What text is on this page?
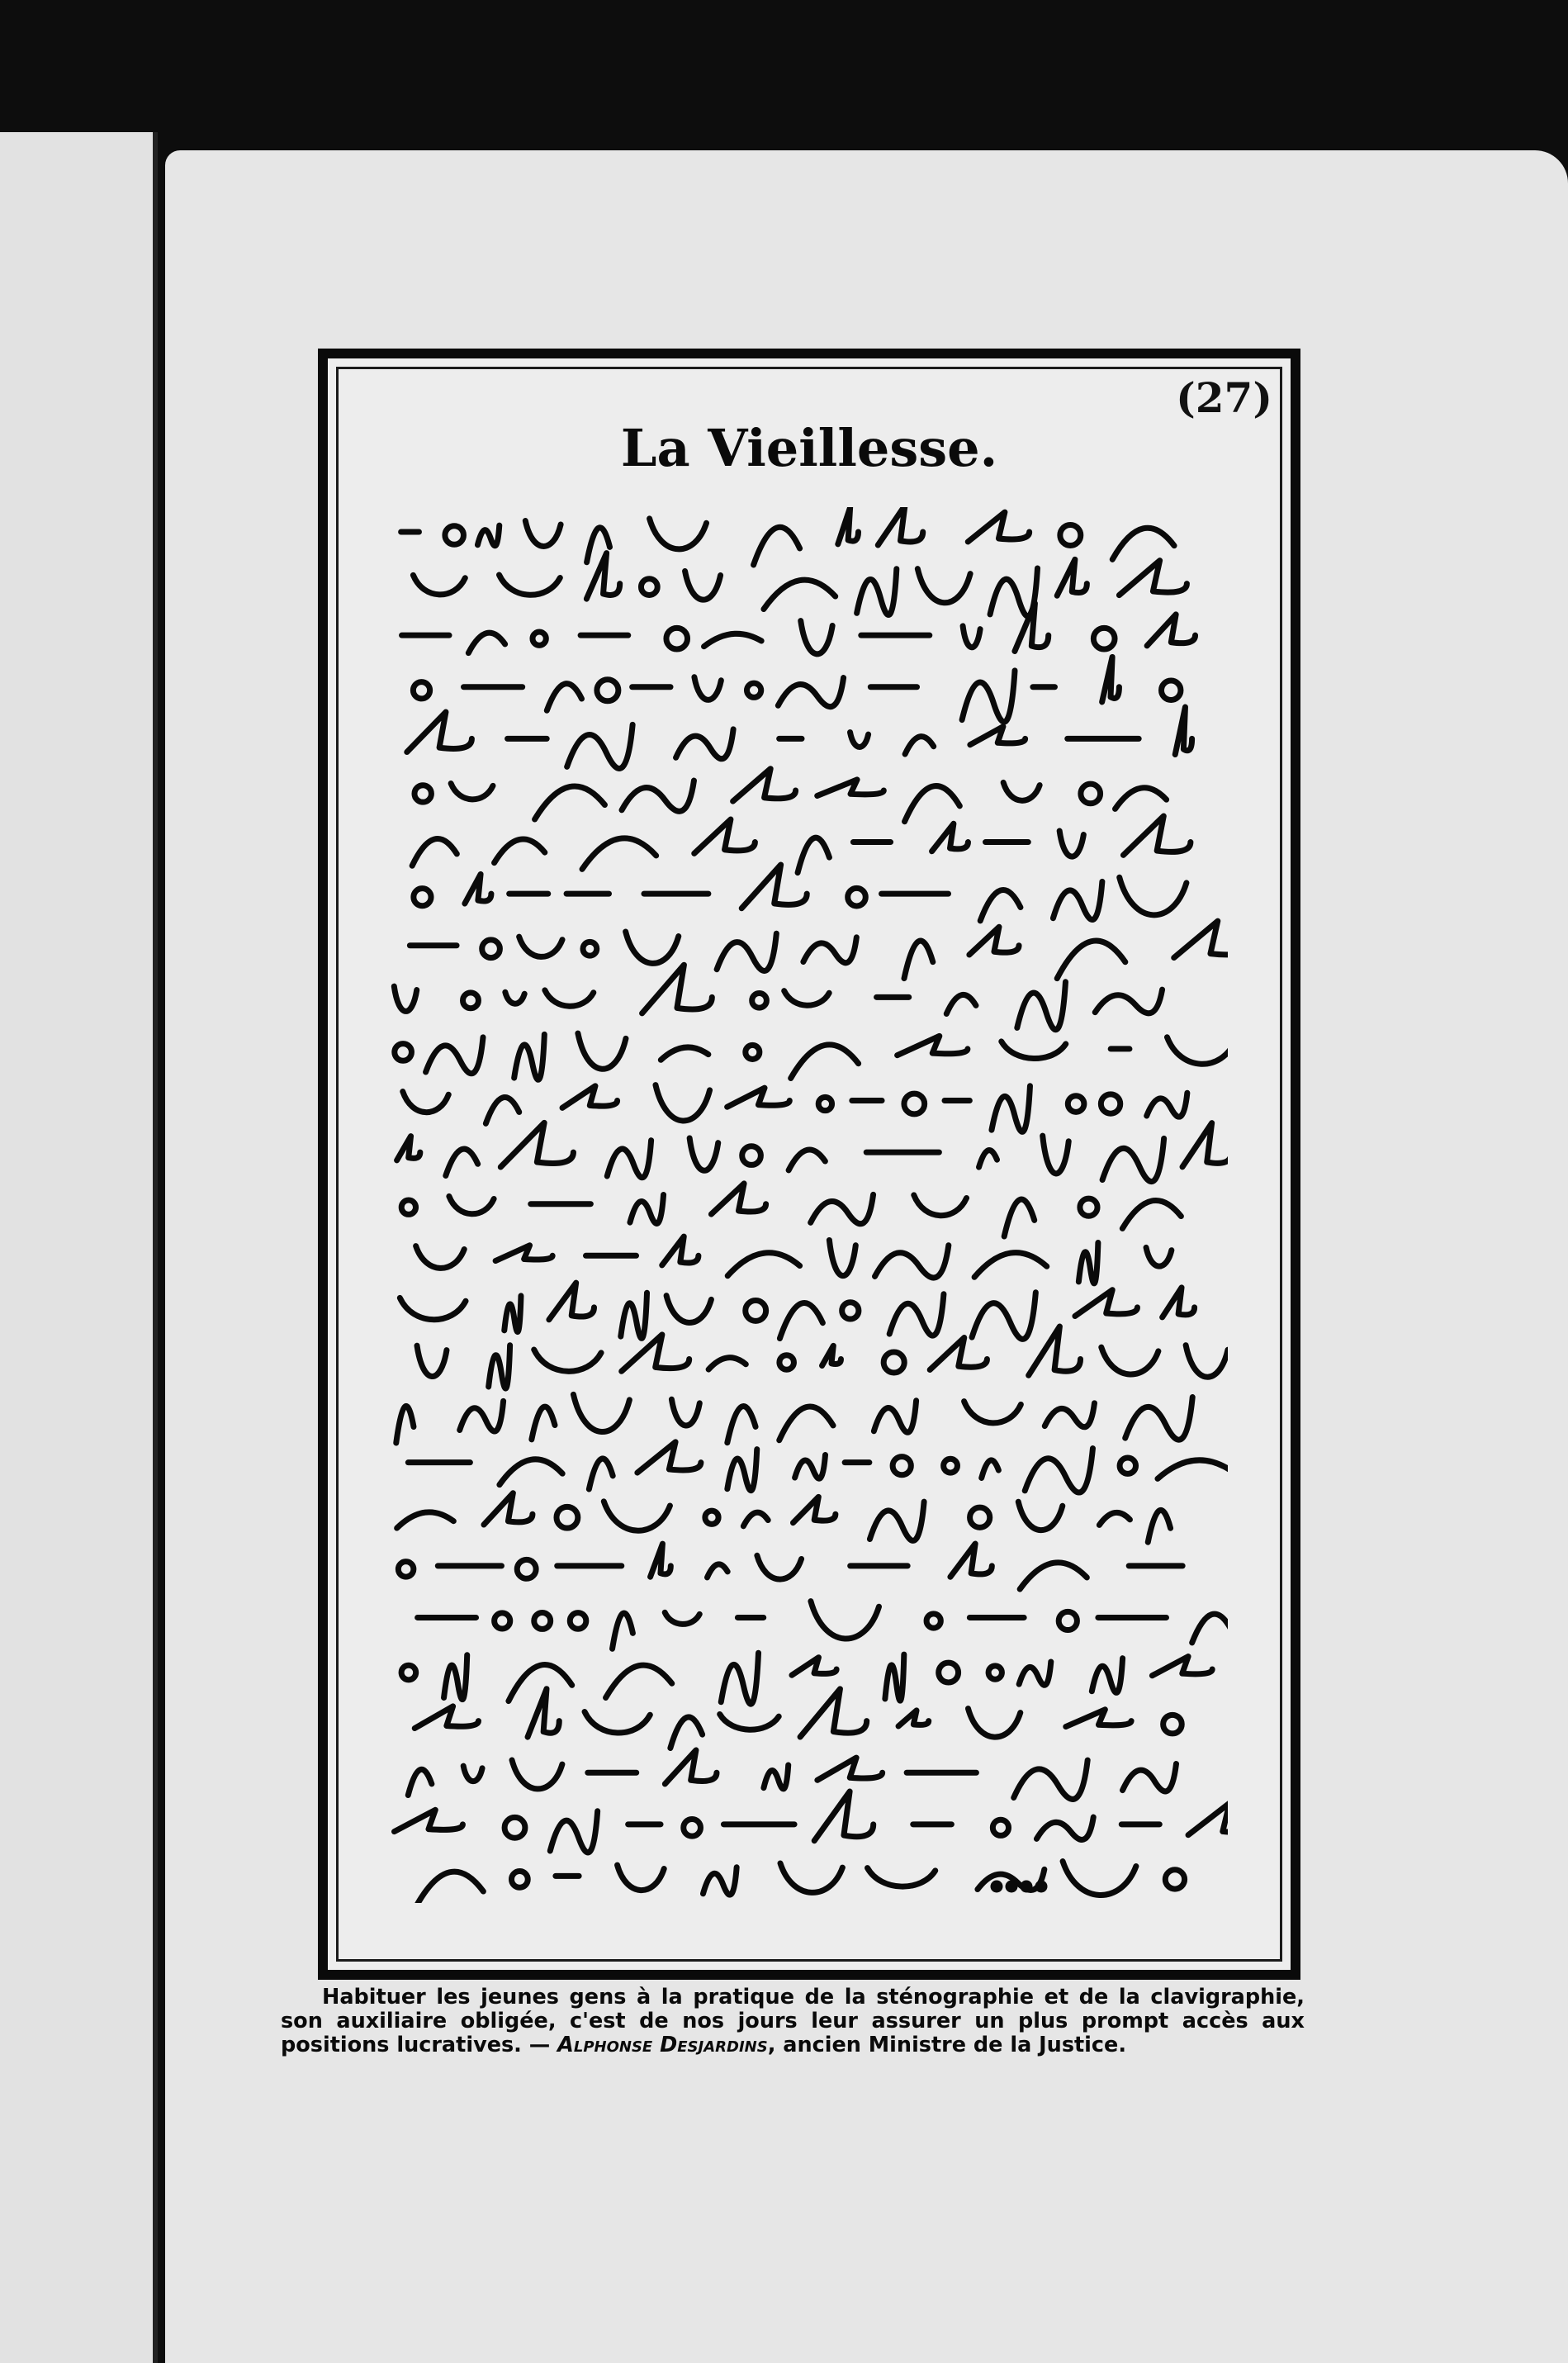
(27)
La Vieillesse.
Habituer les jeunes gens à la pratique de la sténographie et de la clavigraphie, son auxiliaire obligée, c'est de nos jours leur assurer un plus prompt accès aux positions lucratives. — Alphonse Desjardins, ancien Ministre de la Justice.
